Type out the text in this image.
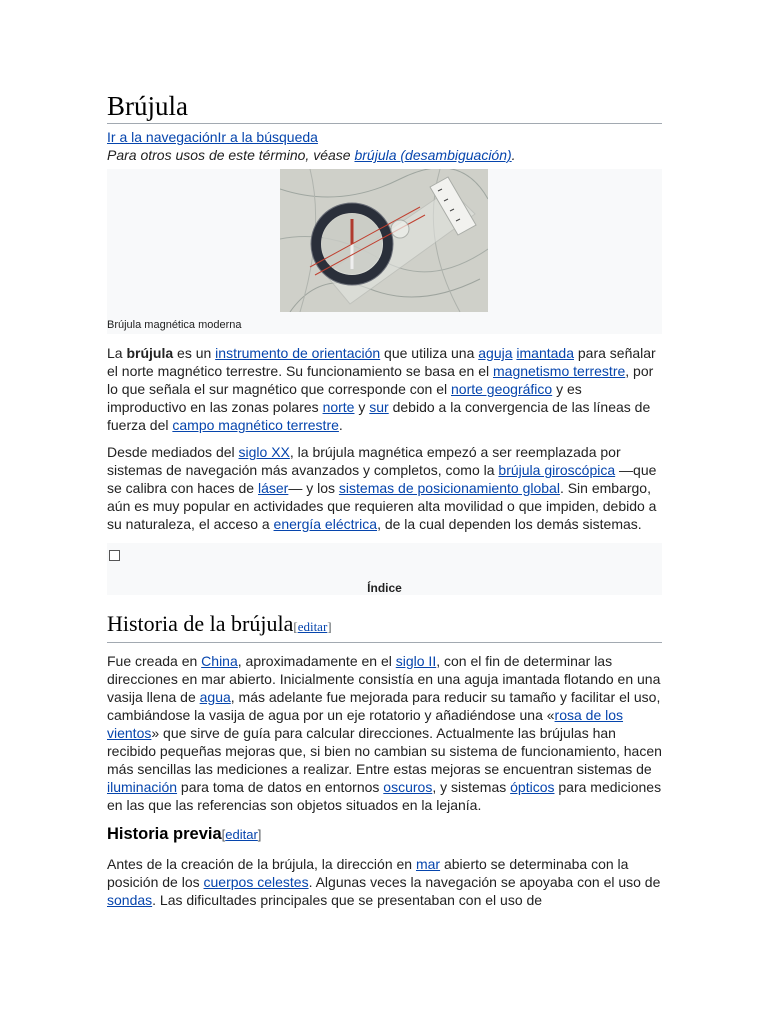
Brújula
Ir a la navegaciónIr a la búsqueda
Para otros usos de este término, véase brújula (desambiguación).
Brújula magnética moderna

La brújula es un instrumento de orientación que utiliza una aguja imantada para señalar el norte magnético terrestre. Su funcionamiento se basa en el magnetismo terrestre, por lo que señala el sur magnético que corresponde con el norte geográfico y es improductivo en las zonas polares norte y sur debido a la convergencia de las líneas de fuerza del campo magnético terrestre.

Desde mediados del siglo XX, la brújula magnética empezó a ser reemplazada por sistemas de navegación más avanzados y completos, como la brújula giroscópica —que se calibra con haces de láser— y los sistemas de posicionamiento global. Sin embargo, aún es muy popular en actividades que requieren alta movilidad o que impiden, debido a su naturaleza, el acceso a energía eléctrica, de la cual dependen los demás sistemas.

Índice
Historia de la brújula[editar]

Fue creada en China, aproximadamente en el siglo II, con el fin de determinar las direcciones en mar abierto. Inicialmente consistía en una aguja imantada flotando en una vasija llena de agua, más adelante fue mejorada para reducir su tamaño y facilitar el uso, cambiándose la vasija de agua por un eje rotatorio y añadiéndose una «rosa de los vientos» que sirve de guía para calcular direcciones. Actualmente las brújulas han recibido pequeñas mejoras que, si bien no cambian su sistema de funcionamiento, hacen más sencillas las mediciones a realizar. Entre estas mejoras se encuentran sistemas de iluminación para toma de datos en entornos oscuros, y sistemas ópticos para mediciones en las que las referencias son objetos situados en la lejanía.

Historia previa[editar]

Antes de la creación de la brújula, la dirección en mar abierto se determinaba con la posición de los cuerpos celestes. Algunas veces la navegación se apoyaba con el uso de sondas. Las dificultades principales que se presentaban con el uso de
